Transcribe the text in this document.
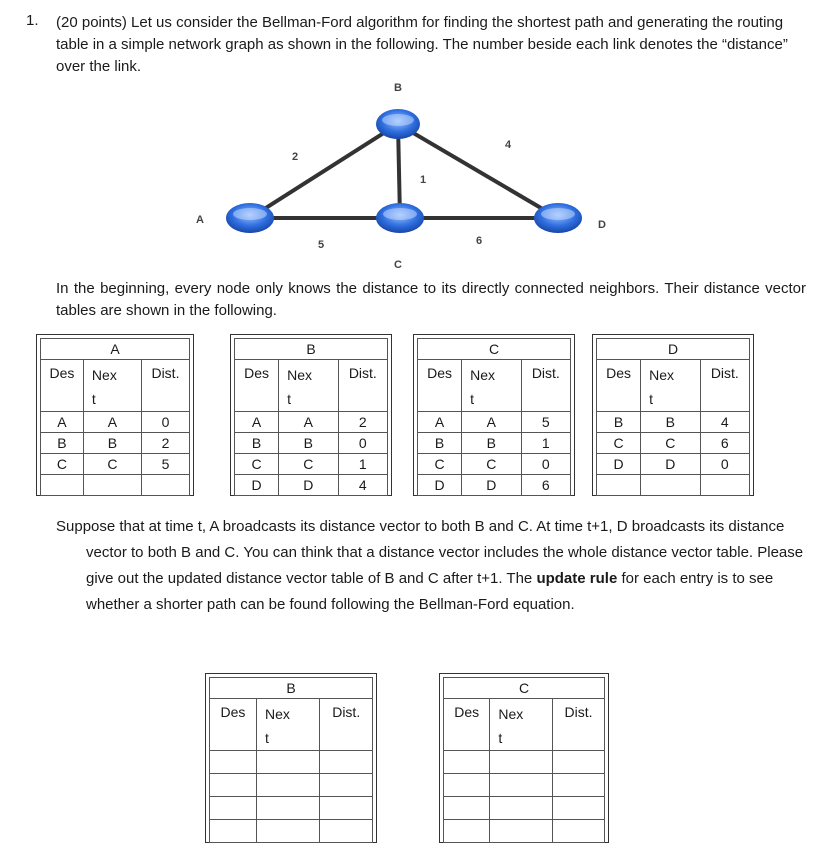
1. (20 points) Let us consider the Bellman-Ford algorithm for finding the shortest path and generating the routing table in a simple network graph as shown in the following. The number beside each link denotes the “distance” over the link.
B
A
C
D
2
1
4
5	6
In the beginning, every node only knows the distance to its directly connected neighbors. Their distance vector tables are shown in the following.
A		
Des	Next	Dist.
A	A	0
B	B	2
C	C	5

B		
Des	Next	Dist.
A	A	2
B	B	0
C	C	1
D	D	4
C		
Des	Next	Dist.
A	A	5
B	B	1
C	C	0
D	D	6
D		
Des	Next	Dist.
B	B	4
C	C	6
D	D	0

Suppose that at time t, A broadcasts its distance vector to both B and C. At time t+1, D broadcasts its distance vector to both B and C. You can think that a distance vector includes the whole distance vector table. Please give out the updated distance vector table of B and C after t+1. The update rule for each entry is to see whether a shorter path can be found following the Bellman-Ford equation.
B		
Des	Next	Dist.

C		
Des	Next	Dist.
